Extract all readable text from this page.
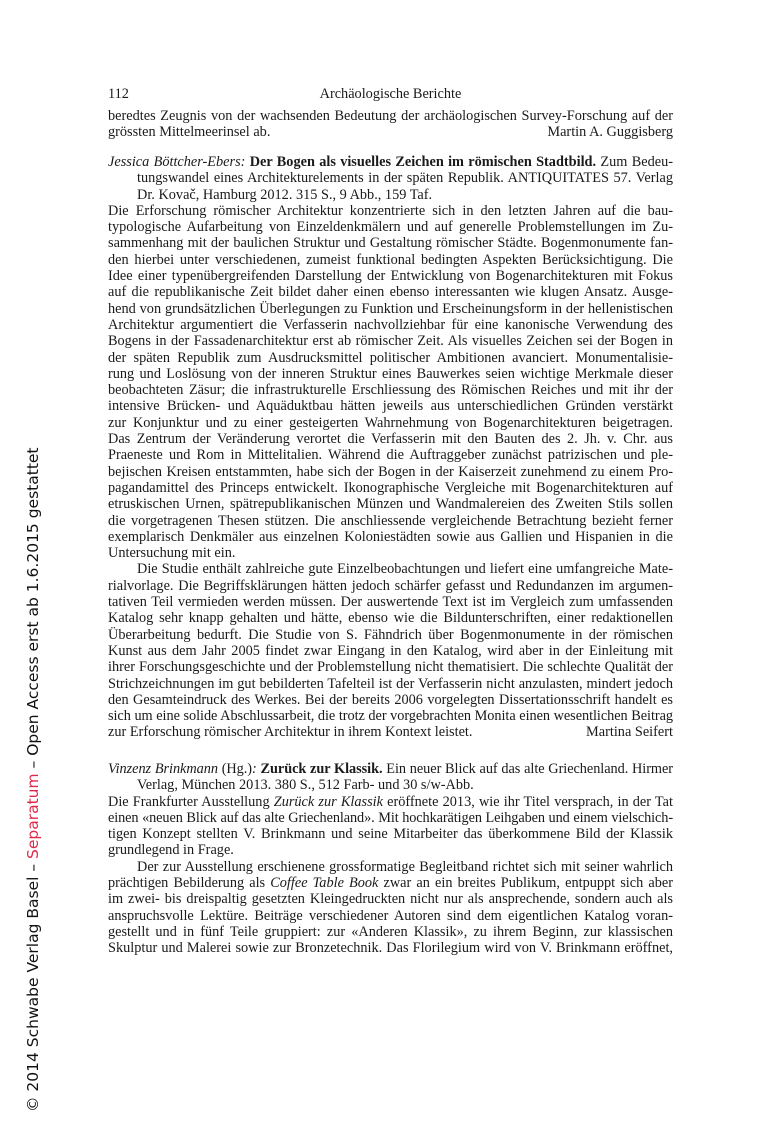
112	Archäologische Berichte
© 2014 Schwabe Verlag Basel – Separatum – Open Access erst ab 1.6.2015 gestattet
beredtes Zeugnis von der wachsenden Bedeutung der archäologischen Survey-Forschung auf der
grössten Mittelmeerinsel ab.	Martin A. Guggisberg
Jessica Böttcher-Ebers: Der Bogen als visuelles Zeichen im römischen Stadtbild. Zum Bedeu-
tungswandel eines Architekturelements in der späten Republik. ANTIQUITATES 57. Verlag
Dr. Kovač, Hamburg 2012. 315 S., 9 Abb., 159 Taf.
Die Erforschung römischer Architektur konzentrierte sich in den letzten Jahren auf die bau-
typologische Aufarbeitung von Einzeldenkmälern und auf generelle Problemstellungen im Zu-
sammenhang mit der baulichen Struktur und Gestaltung römischer Städte. Bogenmonumente fan-
den hierbei unter verschiedenen, zumeist funktional bedingten Aspekten Berücksichtigung. Die
Idee einer typenübergreifenden Darstellung der Entwicklung von Bogenarchitekturen mit Fokus
auf die republikanische Zeit bildet daher einen ebenso interessanten wie klugen Ansatz. Ausge-
hend von grundsätzlichen Überlegungen zu Funktion und Erscheinungsform in der hellenistischen
Architektur argumentiert die Verfasserin nachvollziehbar für eine kanonische Verwendung des
Bogens in der Fassadenarchitektur erst ab römischer Zeit. Als visuelles Zeichen sei der Bogen in
der späten Republik zum Ausdrucksmittel politischer Ambitionen avanciert. Monumentalisie-
rung und Loslösung von der inneren Struktur eines Bauwerkes seien wichtige Merkmale dieser
beobachteten Zäsur; die infrastrukturelle Erschliessung des Römischen Reiches und mit ihr der
intensive Brücken- und Aquäduktbau hätten jeweils aus unterschiedlichen Gründen verstärkt
zur Konjunktur und zu einer gesteigerten Wahrnehmung von Bogenarchitekturen beigetragen.
Das Zentrum der Veränderung verortet die Verfasserin mit den Bauten des 2. Jh. v. Chr. aus
Praeneste und Rom in Mittelitalien. Während die Auftraggeber zunächst patrizischen und ple-
bejischen Kreisen entstammten, habe sich der Bogen in der Kaiserzeit zunehmend zu einem Pro-
pagandamittel des Princeps entwickelt. Ikonographische Vergleiche mit Bogenarchitekturen auf
etruskischen Urnen, spätrepublikanischen Münzen und Wandmalereien des Zweiten Stils sollen
die vorgetragenen Thesen stützen. Die anschliessende vergleichende Betrachtung bezieht ferner
exemplarisch Denkmäler aus einzelnen Koloniestädten sowie aus Gallien und Hispanien in die
Untersuchung mit ein.
Die Studie enthält zahlreiche gute Einzelbeobachtungen und liefert eine umfangreiche Mate-
rialvorlage. Die Begriffsklärungen hätten jedoch schärfer gefasst und Redundanzen im argumen-
tativen Teil vermieden werden müssen. Der auswertende Text ist im Vergleich zum umfassenden
Katalog sehr knapp gehalten und hätte, ebenso wie die Bildunterschriften, einer redaktionellen
Überarbeitung bedurft. Die Studie von S. Fähndrich über Bogenmonumente in der römischen
Kunst aus dem Jahr 2005 findet zwar Eingang in den Katalog, wird aber in der Einleitung mit
ihrer Forschungsgeschichte und der Problemstellung nicht thematisiert. Die schlechte Qualität der
Strichzeichnungen im gut bebilderten Tafelteil ist der Verfasserin nicht anzulasten, mindert jedoch
den Gesamteindruck des Werkes. Bei der bereits 2006 vorgelegten Dissertationsschrift handelt es
sich um eine solide Abschlussarbeit, die trotz der vorgebrachten Monita einen wesentlichen Beitrag
zur Erforschung römischer Architektur in ihrem Kontext leistet.	Martina Seifert
Vinzenz Brinkmann (Hg.): Zurück zur Klassik. Ein neuer Blick auf das alte Griechenland. Hirmer
Verlag, München 2013. 380 S., 512 Farb- und 30 s/w-Abb.
Die Frankfurter Ausstellung Zurück zur Klassik eröffnete 2013, wie ihr Titel versprach, in der Tat
einen «neuen Blick auf das alte Griechenland». Mit hochkarätigen Leihgaben und einem vielschich-
tigen Konzept stellten V. Brinkmann und seine Mitarbeiter das überkommene Bild der Klassik
grundlegend in Frage.
Der zur Ausstellung erschienene grossformatige Begleitband richtet sich mit seiner wahrlich
prächtigen Bebilderung als Coffee Table Book zwar an ein breites Publikum, entpuppt sich aber
im zwei- bis dreispaltig gesetzten Kleingedruckten nicht nur als ansprechende, sondern auch als
anspruchsvolle Lektüre. Beiträge verschiedener Autoren sind dem eigentlichen Katalog voran-
gestellt und in fünf Teile gruppiert: zur «Anderen Klassik», zu ihrem Beginn, zur klassischen
Skulptur und Malerei sowie zur Bronzetechnik. Das Florilegium wird von V. Brinkmann eröffnet,
